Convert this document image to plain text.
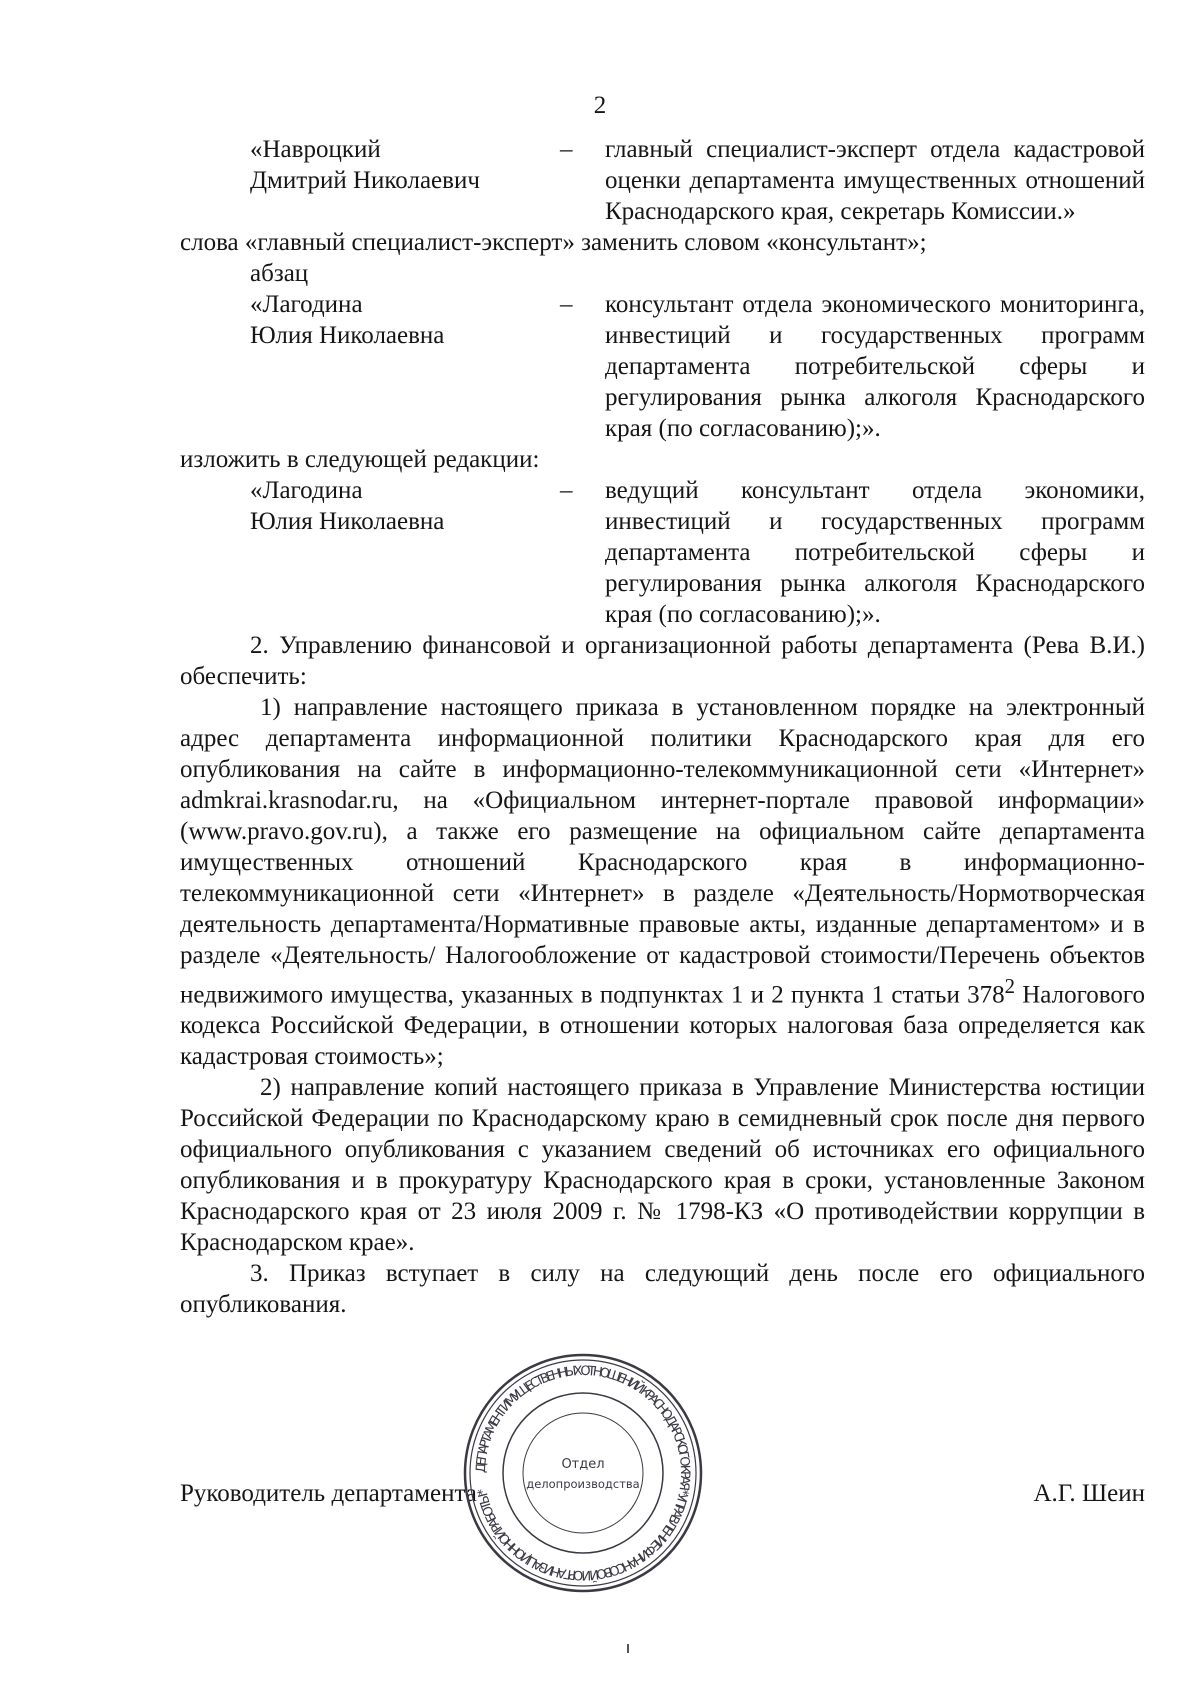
2
«Навроцкий
Дмитрий Николаевич
– главный специалист-эксперт отдела кадастровой оценки департамента имущественных отношений Краснодарского края, секретарь Комиссии.»
слова «главный специалист-эксперт» заменить словом «консультант»;
абзац
«Лагодина
Юлия Николаевна
– консультант отдела экономического мониторинга, инвестиций и государственных программ департамента потребительской сферы и регулирования рынка алкоголя Краснодарского края (по согласованию);».
изложить в следующей редакции:
«Лагодина
Юлия Николаевна
– ведущий консультант отдела экономики, инвестиций и государственных программ департамента потребительской сферы и регулирования рынка алкоголя Краснодарского края (по согласованию);».
2. Управлению финансовой и организационной работы департамента (Рева В.И.) обеспечить:
1) направление настоящего приказа в установленном порядке на электронный адрес департамента информационной политики Краснодарского края для его опубликования на сайте в информационно-телекоммуникационной сети «Интернет» admkrai.krasnodar.ru, на «Официальном интернет-портале правовой информации» (www.pravo.gov.ru), а также его размещение на официальном сайте департамента имущественных отношений Краснодарского края в информационно-телекоммуникационной сети «Интернет» в разделе «Деятельность/Нормотворческая деятельность департамента/Нормативные правовые акты, изданные департаментом» и в разделе «Деятельность/ Налогообложение от кадастровой стоимости/Перечень объектов недвижимого имущества, указанных в подпунктах 1 и 2 пункта 1 статьи $378^2$ Налогового кодекса Российской Федерации, в отношении которых налоговая база определяется как кадастровая стоимость»;
2) направление копий настоящего приказа в Управление Министерства юстиции Российской Федерации по Краснодарскому краю в семидневный срок после дня первого официального опубликования с указанием сведений об источниках его официального опубликования и в прокуратуру Краснодарского края в сроки, установленные Законом Краснодарского края от 23 июля 2009 г. № 1798-КЗ «О противодействии коррупции в Краснодарском крае».
3. Приказ вступает в силу на следующий день после его официального опубликования.
Руководитель департамента	А.Г. Шеин
ДЕПАРТАМЕНТ ИМУЩЕСТВЕННЫХ ОТНОШЕНИЙ КРАСНОДАРСКОГО КРАЯ * УПРАВЛЕНИЕ ФИНАНСОВОЙ И ОРГАНИЗАЦИОННОЙ РАБОТЫ *
Отдел
делопроизводства
